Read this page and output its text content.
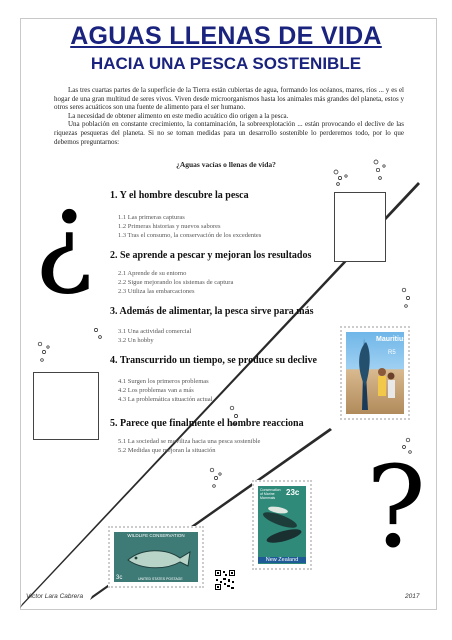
AGUAS LLENAS DE VIDA
HACIA UNA PESCA SOSTENIBLE

Las tres cuartas partes de la superficie de la Tierra están cubiertas de agua, formando los océanos, mares, ríos ... y es el hogar de una gran multitud de seres vivos. Viven desde microorganismos hasta los animales más grandes del planeta, estos y otros seres acuáticos son una fuente de alimento para el ser humano.

La necesidad de obtener alimento en este medio acuático dio origen a la pesca.

Una población en constante crecimiento, la contaminación, la sobreexplotación ... están provocando el declive de las riquezas pesqueras del planeta. Si no se toman medidas para un desarrollo sostenible lo perderemos todo, por lo que debemos preguntarnos:

¿Aguas vacías o llenas de vida?
¿
?
1. Y el hombre descubre la pesca
1.1 Las primeras capturas
1.2 Primeras historias y nuevos sabores
1.3 Tras el consumo, la conservación de los excedentes
2. Se aprende a pescar y mejoran los resultados
2.1 Aprende de su entorno
2.2 Sigue mejorando los sistemas de captura
2.3 Utiliza las embarcaciones
3. Además de alimentar, la pesca sirve para más
3.1 Una actividad comercial
3.2 Un hobby
4. Transcurrido un tiempo, se produce su declive
4.1 Surgen los primeros problemas
4.2 Los problemas van a más
4.3 La problemática situación actual
5. Parece que finalmente el hombre reacciona
5.1 La sociedad se moviliza hacia una pesca sostenible
5.2 Medidas que mejoran la situación
Mauritius
R5
Conservation of Marine Mammals
23c
New Zealand
WILDLIFE CONSERVATION
3c	UNITED STATES POSTAGE
Víctor Lara Cabrera	2017
